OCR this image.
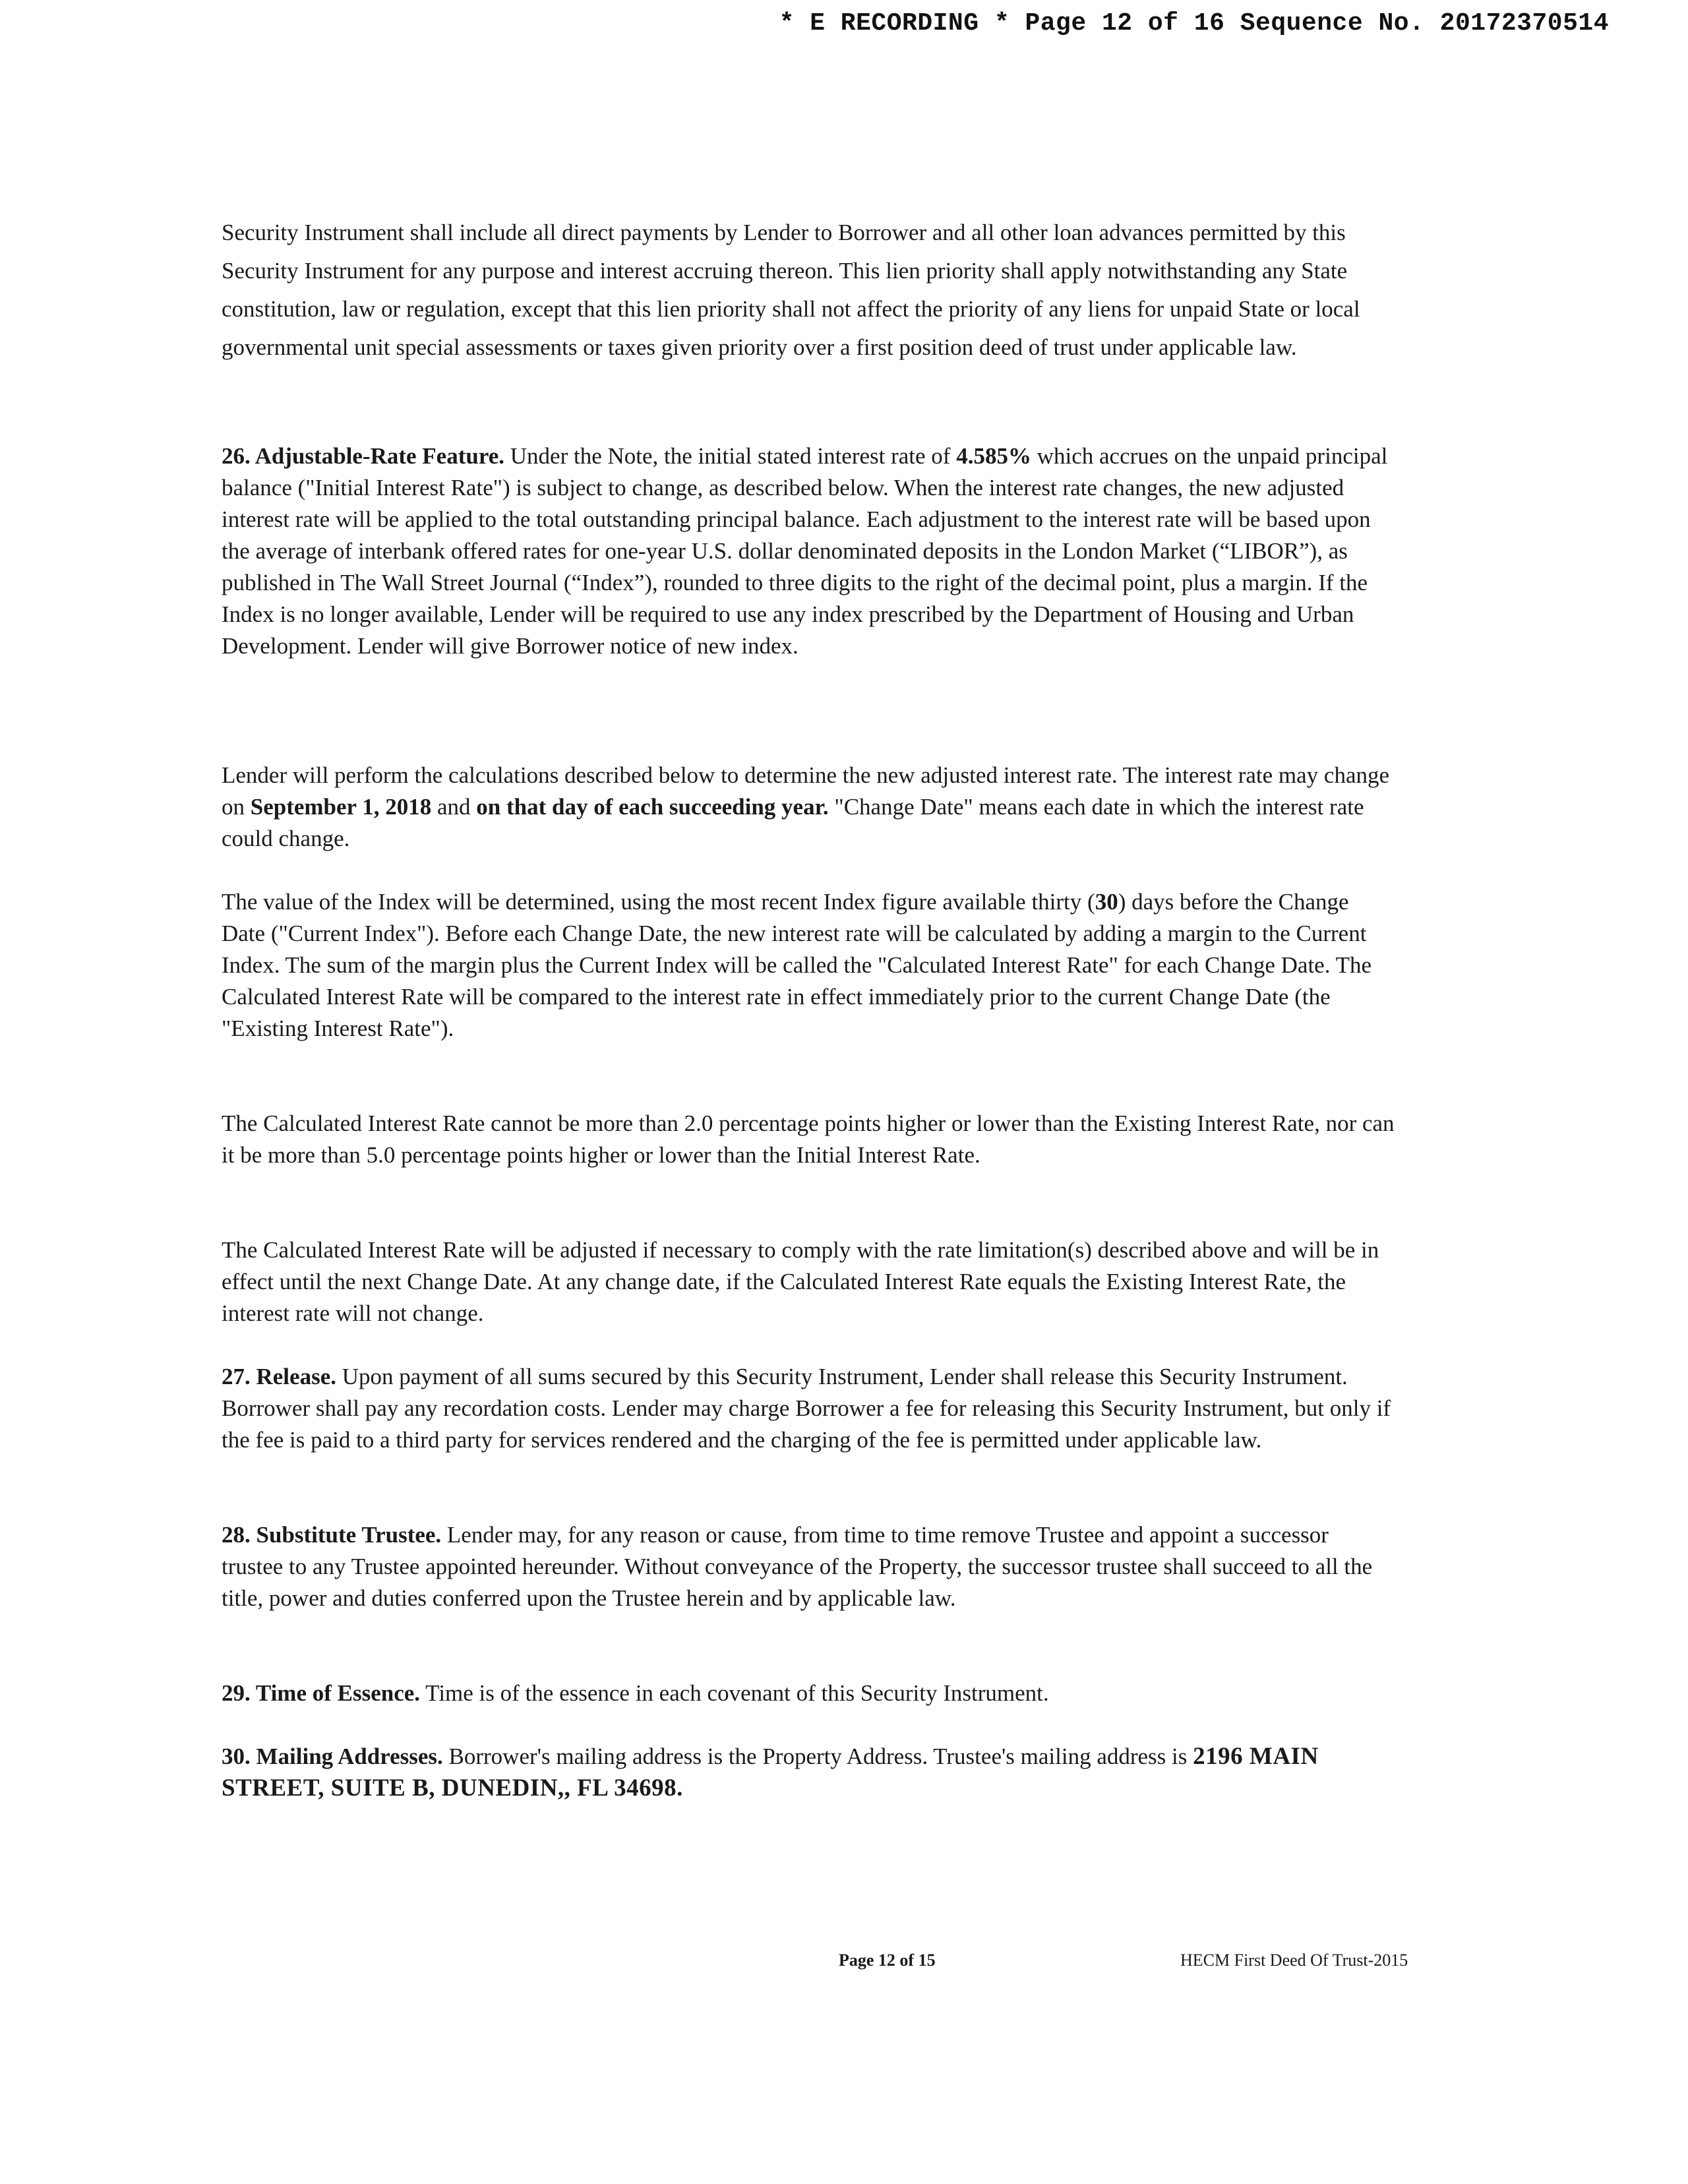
* E RECORDING * Page 12 of 16 Sequence No. 20172370514

Security Instrument shall include all direct payments by Lender to Borrower and all other loan advances permitted by this Security Instrument for any purpose and interest accruing thereon. This lien priority shall apply notwithstanding any State constitution, law or regulation, except that this lien priority shall not affect the priority of any liens for unpaid State or local governmental unit special assessments or taxes given priority over a first position deed of trust under applicable law.

26. Adjustable-Rate Feature. Under the Note, the initial stated interest rate of 4.585% which accrues on the unpaid principal balance ("Initial Interest Rate") is subject to change, as described below. When the interest rate changes, the new adjusted interest rate will be applied to the total outstanding principal balance. Each adjustment to the interest rate will be based upon the average of interbank offered rates for one-year U.S. dollar denominated deposits in the London Market (“LIBOR”), as published in The Wall Street Journal (“Index”), rounded to three digits to the right of the decimal point, plus a margin. If the Index is no longer available, Lender will be required to use any index prescribed by the Department of Housing and Urban Development. Lender will give Borrower notice of new index.

Lender will perform the calculations described below to determine the new adjusted interest rate. The interest rate may change on September 1, 2018 and on that day of each succeeding year. "Change Date" means each date in which the interest rate could change.

The value of the Index will be determined, using the most recent Index figure available thirty (30) days before the Change Date ("Current Index"). Before each Change Date, the new interest rate will be calculated by adding a margin to the Current Index. The sum of the margin plus the Current Index will be called the "Calculated Interest Rate" for each Change Date. The Calculated Interest Rate will be compared to the interest rate in effect immediately prior to the current Change Date (the "Existing Interest Rate").

The Calculated Interest Rate cannot be more than 2.0 percentage points higher or lower than the Existing Interest Rate, nor can it be more than 5.0 percentage points higher or lower than the Initial Interest Rate.

The Calculated Interest Rate will be adjusted if necessary to comply with the rate limitation(s) described above and will be in effect until the next Change Date. At any change date, if the Calculated Interest Rate equals the Existing Interest Rate, the interest rate will not change.

27. Release. Upon payment of all sums secured by this Security Instrument, Lender shall release this Security Instrument. Borrower shall pay any recordation costs. Lender may charge Borrower a fee for releasing this Security Instrument, but only if the fee is paid to a third party for services rendered and the charging of the fee is permitted under applicable law.

28. Substitute Trustee. Lender may, for any reason or cause, from time to time remove Trustee and appoint a successor trustee to any Trustee appointed hereunder. Without conveyance of the Property, the successor trustee shall succeed to all the title, power and duties conferred upon the Trustee herein and by applicable law.

29. Time of Essence. Time is of the essence in each covenant of this Security Instrument.

30. Mailing Addresses. Borrower's mailing address is the Property Address. Trustee's mailing address is 2196 MAIN STREET, SUITE B, DUNEDIN,, FL 34698.

Page 12 of 15	HECM First Deed Of Trust-2015
